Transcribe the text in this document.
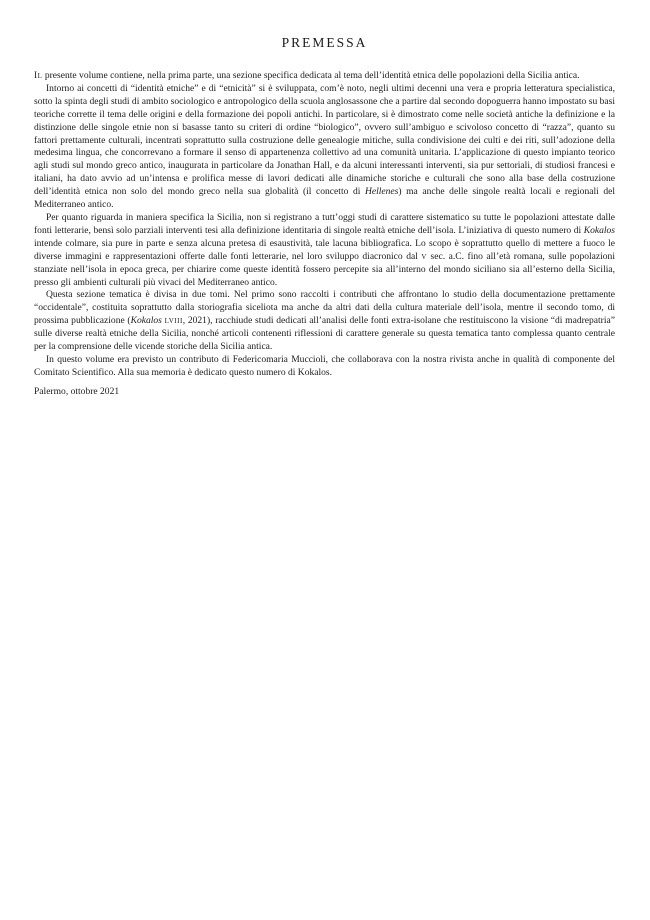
PREMESSA

Il presente volume contiene, nella prima parte, una sezione specifica dedicata al tema dell’identità etnica delle popolazioni della Sicilia antica.

Intorno ai concetti di “identità etniche” e di “etnicità” si è sviluppata, com’è noto, negli ultimi decenni una vera e propria letteratura specialistica, sotto la spinta degli studi di ambito sociologico e antropologico della scuola anglosassone che a partire dal secondo dopoguerra hanno impostato su basi teoriche corrette il tema delle origini e della formazione dei popoli antichi. In particolare, si è dimostrato come nelle società antiche la definizione e la distinzione delle singole etnie non si basasse tanto su criteri di ordine “biologico”, ovvero sull’ambiguo e scivoloso concetto di “razza”, quanto su fattori prettamente culturali, incentrati soprattutto sulla costruzione delle genealogie mitiche, sulla condivisione dei culti e dei riti, sull’adozione della medesima lingua, che concorrevano a formare il senso di appartenenza collettivo ad una comunità unitaria. L’applicazione di questo impianto teorico agli studi sul mondo greco antico, inaugurata in particolare da Jonathan Hall, e da alcuni interessanti interventi, sia pur settoriali, di studiosi francesi e italiani, ha dato avvio ad un’intensa e prolifica messe di lavori dedicati alle dinamiche storiche e culturali che sono alla base della costruzione dell’identità etnica non solo del mondo greco nella sua globalità (il concetto di Hellenes) ma anche delle singole realtà locali e regionali del Mediterraneo antico.

Per quanto riguarda in maniera specifica la Sicilia, non si registrano a tutt’oggi studi di carattere sistematico su tutte le popolazioni attestate dalle fonti letterarie, bensì solo parziali interventi tesi alla definizione identitaria di singole realtà etniche dell’isola. L’iniziativa di questo numero di Kokalos intende colmare, sia pure in parte e senza alcuna pretesa di esaustività, tale lacuna bibliografica. Lo scopo è soprattutto quello di mettere a fuoco le diverse immagini e rappresentazioni offerte dalle fonti letterarie, nel loro sviluppo diacronico dal v sec. a.C. fino all’età romana, sulle popolazioni stanziate nell’isola in epoca greca, per chiarire come queste identità fossero percepite sia all’interno del mondo siciliano sia all’esterno della Sicilia, presso gli ambienti culturali più vivaci del Mediterraneo antico.

Questa sezione tematica è divisa in due tomi. Nel primo sono raccolti i contributi che affrontano lo studio della documentazione prettamente “occidentale”, costituita soprattutto dalla storiografia siceliota ma anche da altri dati della cultura materiale dell’isola, mentre il secondo tomo, di prossima pubblicazione (Kokalos lviii, 2021), racchiude studi dedicati all’analisi delle fonti extra-isolane che restituiscono la visione “di madrepatria” sulle diverse realtà etniche della Sicilia, nonché articoli contenenti riflessioni di carattere generale su questa tematica tanto complessa quanto centrale per la comprensione delle vicende storiche della Sicilia antica.

In questo volume era previsto un contributo di Federicomaria Muccioli, che collaborava con la nostra rivista anche in qualità di componente del Comitato Scientifico. Alla sua memoria è dedicato questo numero di Kokalos.

Palermo, ottobre 2021
